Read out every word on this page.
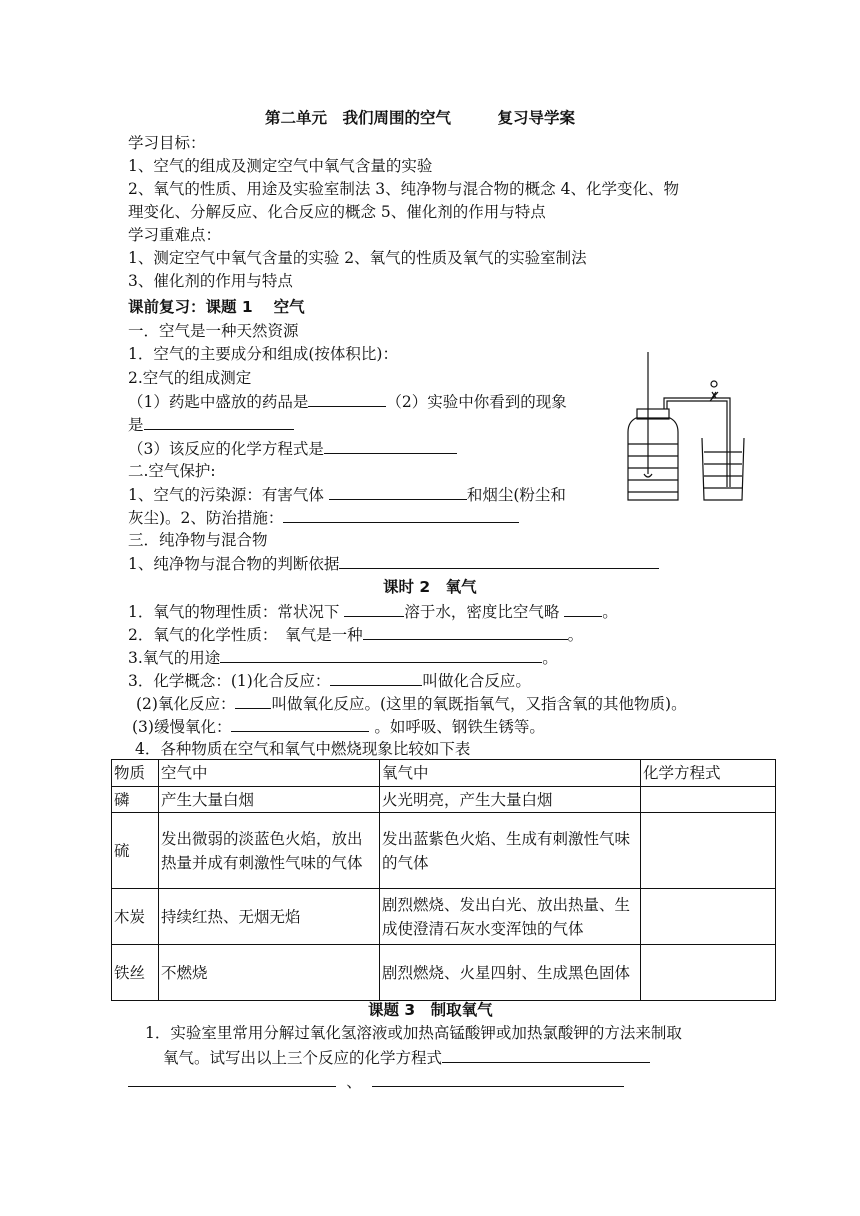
第二单元　我们周围的空气　　　复习导学案
学习目标：
1、空气的组成及测定空气中氧气含量的实验
2、氧气的性质、用途及实验室制法 3、纯净物与混合物的概念 4、化学变化、物
理变化、分解反应、化合反应的概念 5、催化剂的作用与特点
学习重难点：
1、测定空气中氧气含量的实验 2、氧气的性质及氧气的实验室制法
3、催化剂的作用与特点
课前复习：课题 1　 空气
一．空气是一种天然资源
1．空气的主要成分和组成(按体积比)：
2.空气的组成测定
（1）药匙中盛放的药品是	（2）实验中你看到的现象
是
（3）该反应的化学方程式是
二.空气保护:
1、空气的污染源：有害气体	和烟尘(粉尘和
灰尘)。2、防治措施：
三．纯净物与混合物
1、纯净物与混合物的判断依据
课时 2　氧气
1．氧气的物理性质：常状况下	溶于水，密度比空气略	。
2．氧气的化学性质：　氧气是一种	。
3.氧气的用途	。
3．化学概念：(1)化合反应：	叫做化合反应。
(2)氧化反应： 叫做氧化反应。(这里的氧既指氧气，又指含氧的其他物质)。
(3)缓慢氧化：	。如呼吸、钢铁生锈等。
4．各种物质在空气和氧气中燃烧现象比较如下表
物质	空气中	氧气中	化学方程式
磷	产生大量白烟	火光明亮，产生大量白烟	
硫	发出微弱的淡蓝色火焰，放出热量并成有刺激性气味的气体	发出蓝紫色火焰、生成有刺激性气味的气体	
木炭	持续红热、无烟无焰	剧烈燃烧、发出白光、放出热量、生成使澄清石灰水变浑蚀的气体	
铁丝	不燃烧	剧烈燃烧、火星四射、生成黑色固体	
课题 3　制取氧气
1．实验室里常用分解过氧化氢溶液或加热高锰酸钾或加热氯酸钾的方法来制取
氧气。试写出以上三个反应的化学方程式
、
